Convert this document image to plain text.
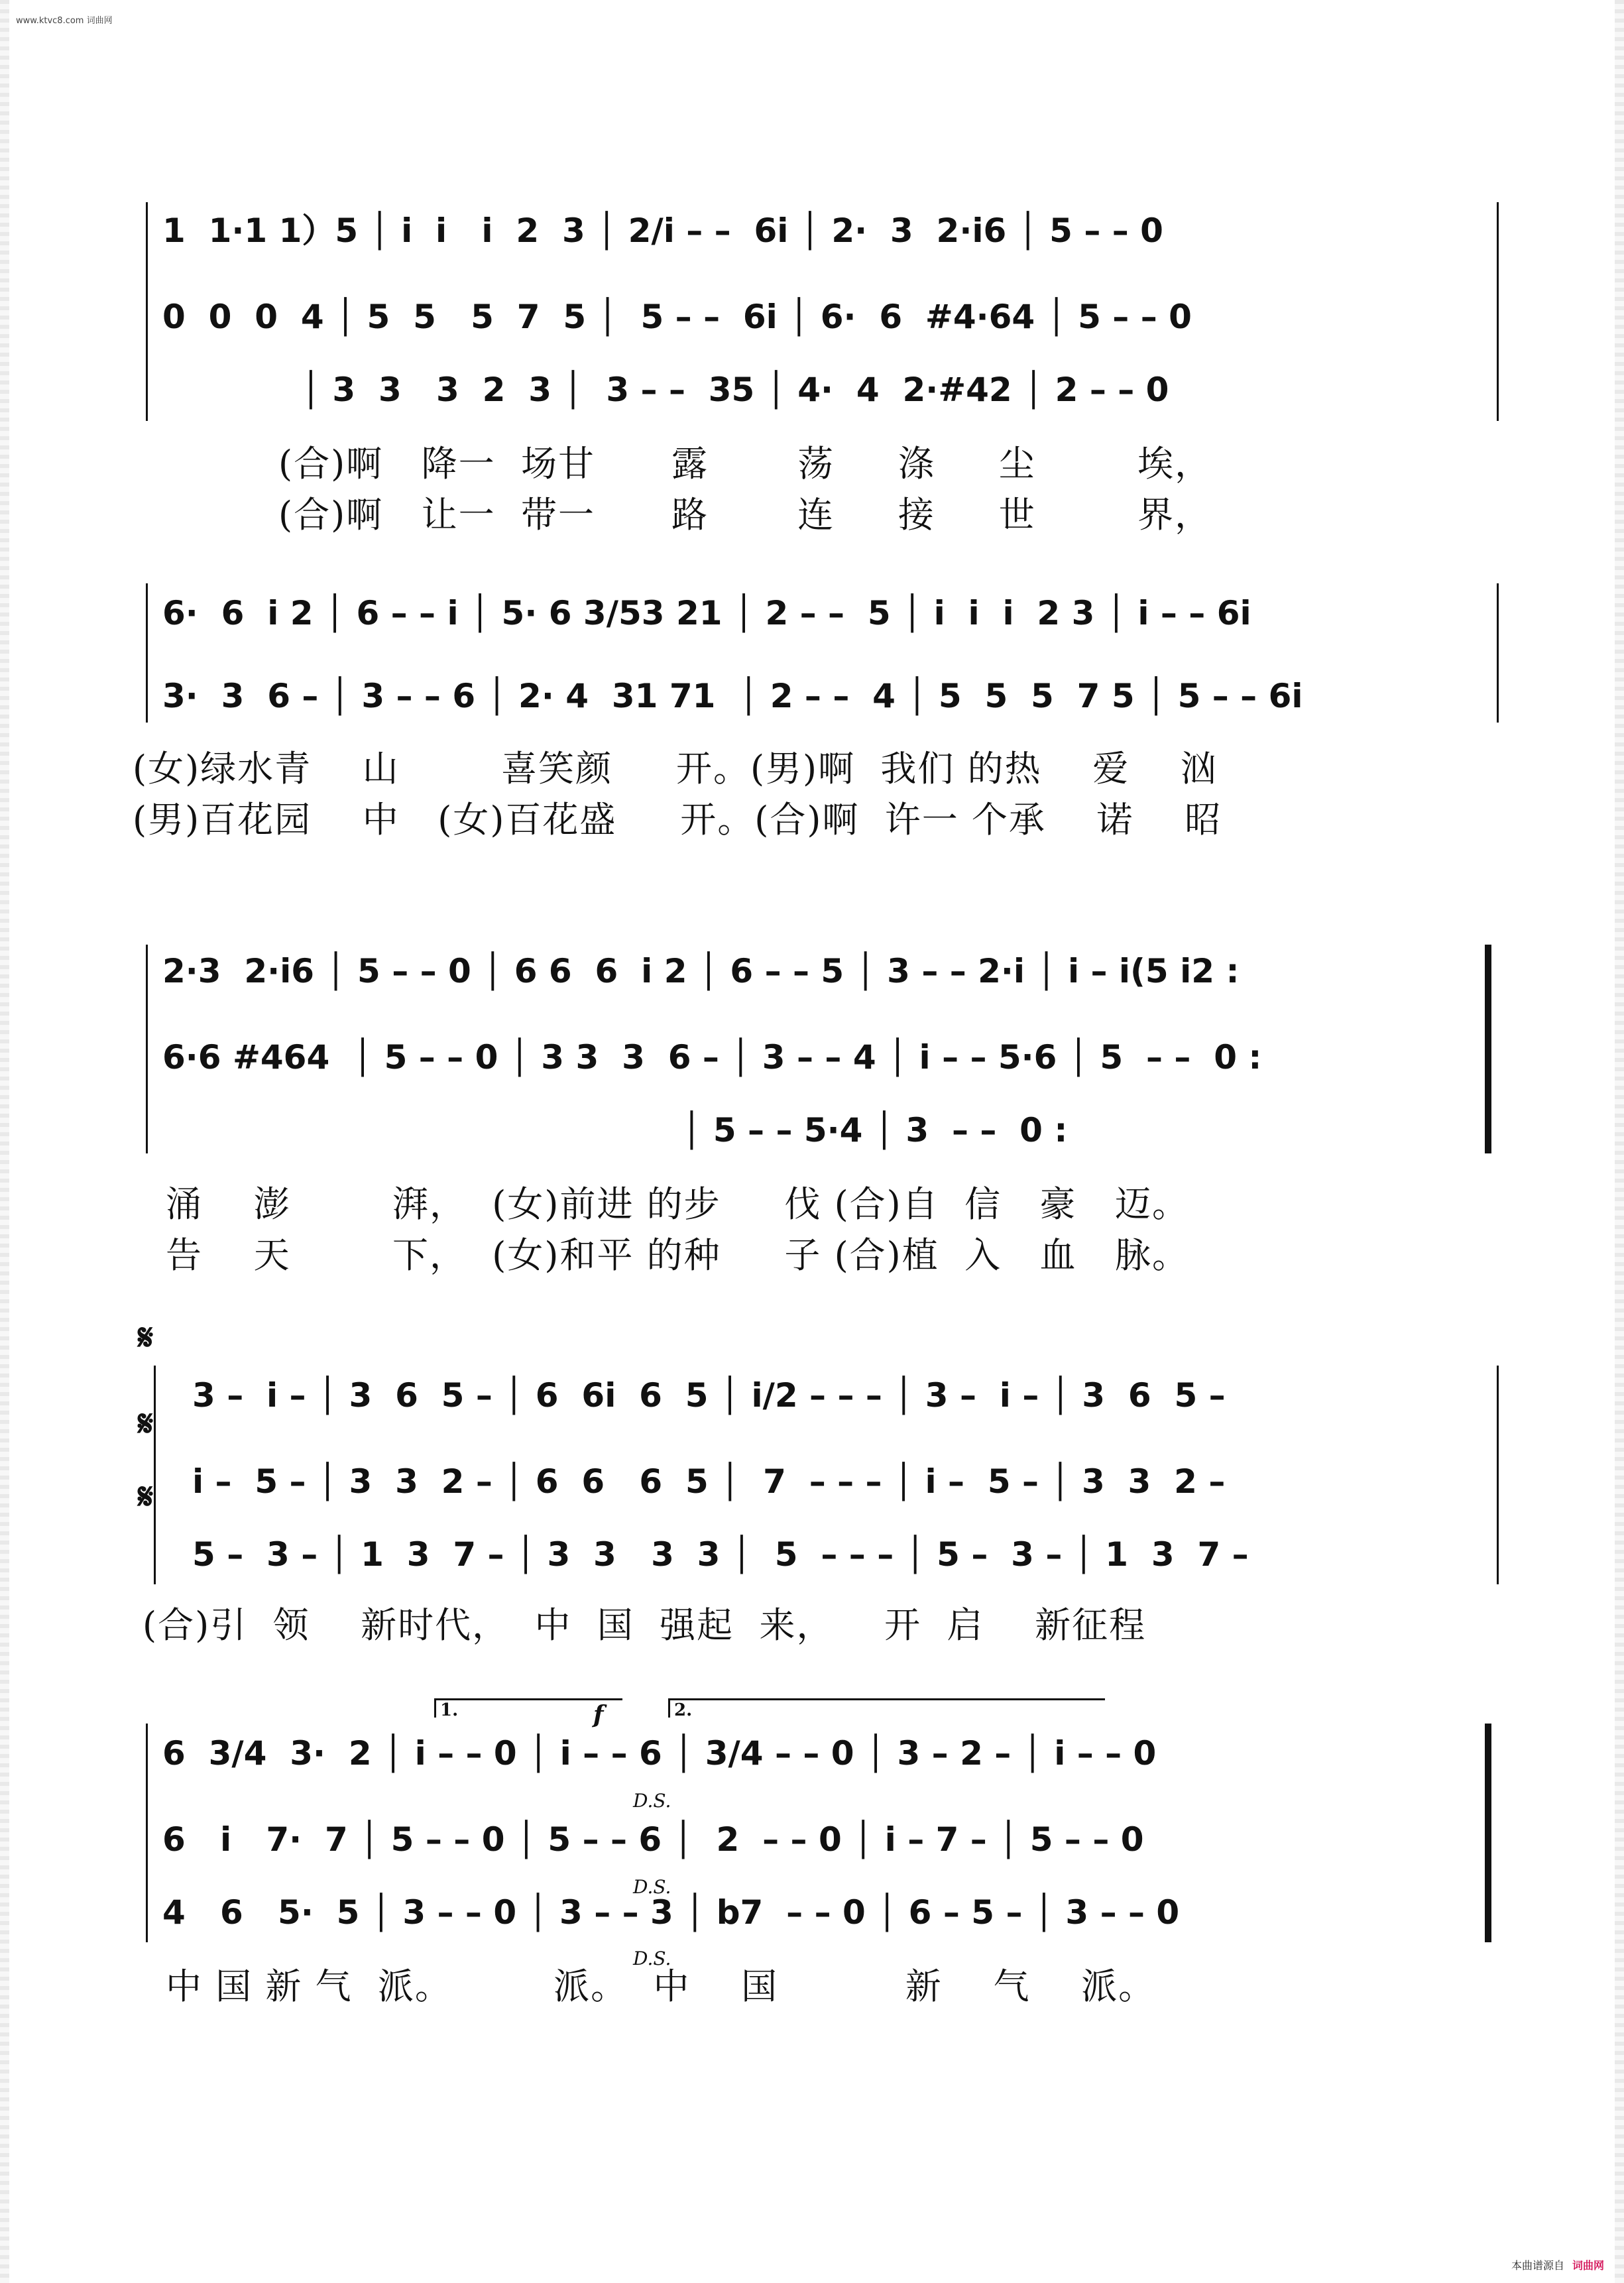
www.ktvc8.com 词曲网
1  1·1 1）5 │ i  i   i  2  3 │ 2/i – –  6i │ 2·  3  2·i6 │ 5 – – 0
0  0  0  4 │ 5  5   5  7  5 │  5 – –  6i │ 6·  6  #4·64 │ 5 – – 0
│ 3  3   3  2  3 │  3 – –  35 │ 4·  4  2·#42 │ 2 – – 0
(合)啊   降一  场甘      露       荡     涤     尘        埃，
(合)啊   让一  带一      路       连     接     世        界，
6·  6  i 2 │ 6 – – i │ 5· 6 3/53 21 │ 2 – –  5 │ i  i  i  2 3 │ i – – 6i
3·  3  6 – │ 3 – – 6 │ 2· 4  31 71  │ 2 – –  4 │ 5  5  5  7 5 │ 5 – – 6i
(女)绿水青    山        喜笑颜     开。(男)啊  我们 的热    爱    汹
(男)百花园    中   (女)百花盛     开。(合)啊  许一 个承    诺    昭
2·3  2·i6 │ 5 – – 0 │ 6 6  6  i 2 │ 6 – – 5 │ 3 – – 2·i │ i – i(5 i2 :
6·6 #464  │ 5 – – 0 │ 3 3  3  6 – │ 3 – – 4 │ i – – 5·6 │ 5  – –  0 :
│ 5 – – 5·4 │ 3  – –  0 :
涌    澎        湃，  (女)前进 的步     伐 (合)自  信   豪   迈。
告    天        下，  (女)和平 的种     子 (合)植  入   血   脉。
𝄋
𝄋
𝄋
3 –  i – │ 3  6  5 – │ 6  6i  6  5 │ i/2 – – – │ 3 –  i – │ 3  6  5 –
i –  5 – │ 3  3  2 – │ 6  6   6  5 │  7  – – – │ i –  5 – │ 3  3  2 –
5 –  3 – │ 1  3  7 – │ 3  3   3  3 │  5  – – – │ 5 –  3 – │ 1  3  7 –
(合)引  领    新时代，  中  国  强起  来，    开  启    新征程
1.	f	2.
6  3/4  3·  2 │ i – – 0 │ i – – 6 │ 3/4 – – 0 │ 3 – 2 – │ i – – 0
6   i   7·  7 │ 5 – – 0 │ 5 – – 6 │  2  – – 0 │ i – 7 – │ 5 – – 0
4   6   5·  5 │ 3 – – 0 │ 3 – – 3 │ b7  – – 0 │ 6 – 5 – │ 3 – – 0
D.S.
D.S.
D.S.
中 国 新 气  派。        派。  中    国          新    气    派。
本曲谱源自 词曲网
